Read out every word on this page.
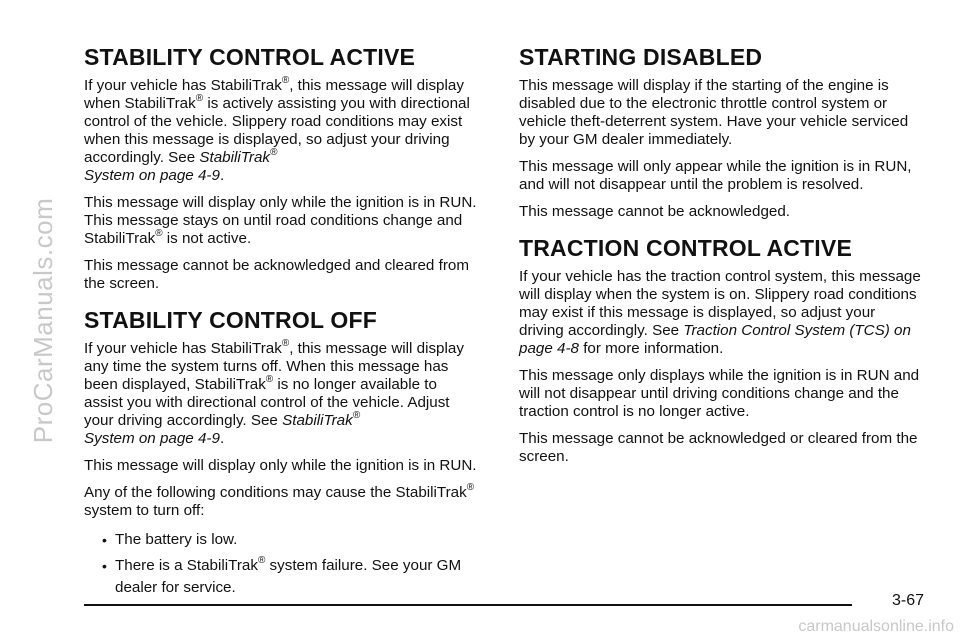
ProCarManuals.com
STABILITY CONTROL ACTIVE

If your vehicle has StabiliTrak®, this message will display when StabiliTrak® is actively assisting you with directional control of the vehicle. Slippery road conditions may exist when this message is displayed, so adjust your driving accordingly. See StabiliTrak®
System on page 4-9.

This message will display only while the ignition is in RUN. This message stays on until road conditions change and StabiliTrak® is not active.

This message cannot be acknowledged and cleared from the screen.

STABILITY CONTROL OFF

If your vehicle has StabiliTrak®, this message will display any time the system turns off. When this message has been displayed, StabiliTrak® is no longer available to assist you with directional control of the vehicle. Adjust your driving accordingly. See StabiliTrak®
System on page 4-9.

This message will display only while the ignition is in RUN.

Any of the following conditions may cause the StabiliTrak® system to turn off:

• The battery is low.
• There is a StabiliTrak® system failure. See your GM dealer for service.
STARTING DISABLED

This message will display if the starting of the engine is disabled due to the electronic throttle control system or vehicle theft-deterrent system. Have your vehicle serviced by your GM dealer immediately.

This message will only appear while the ignition is in RUN, and will not disappear until the problem is resolved.

This message cannot be acknowledged.

TRACTION CONTROL ACTIVE

If your vehicle has the traction control system, this message will display when the system is on. Slippery road conditions may exist if this message is displayed, so adjust your driving accordingly. See Traction Control System (TCS) on page 4-8 for more information.

This message only displays while the ignition is in RUN and will not disappear until driving conditions change and the traction control is no longer active.

This message cannot be acknowledged or cleared from the screen.

3-67
carmanualsonline.info
